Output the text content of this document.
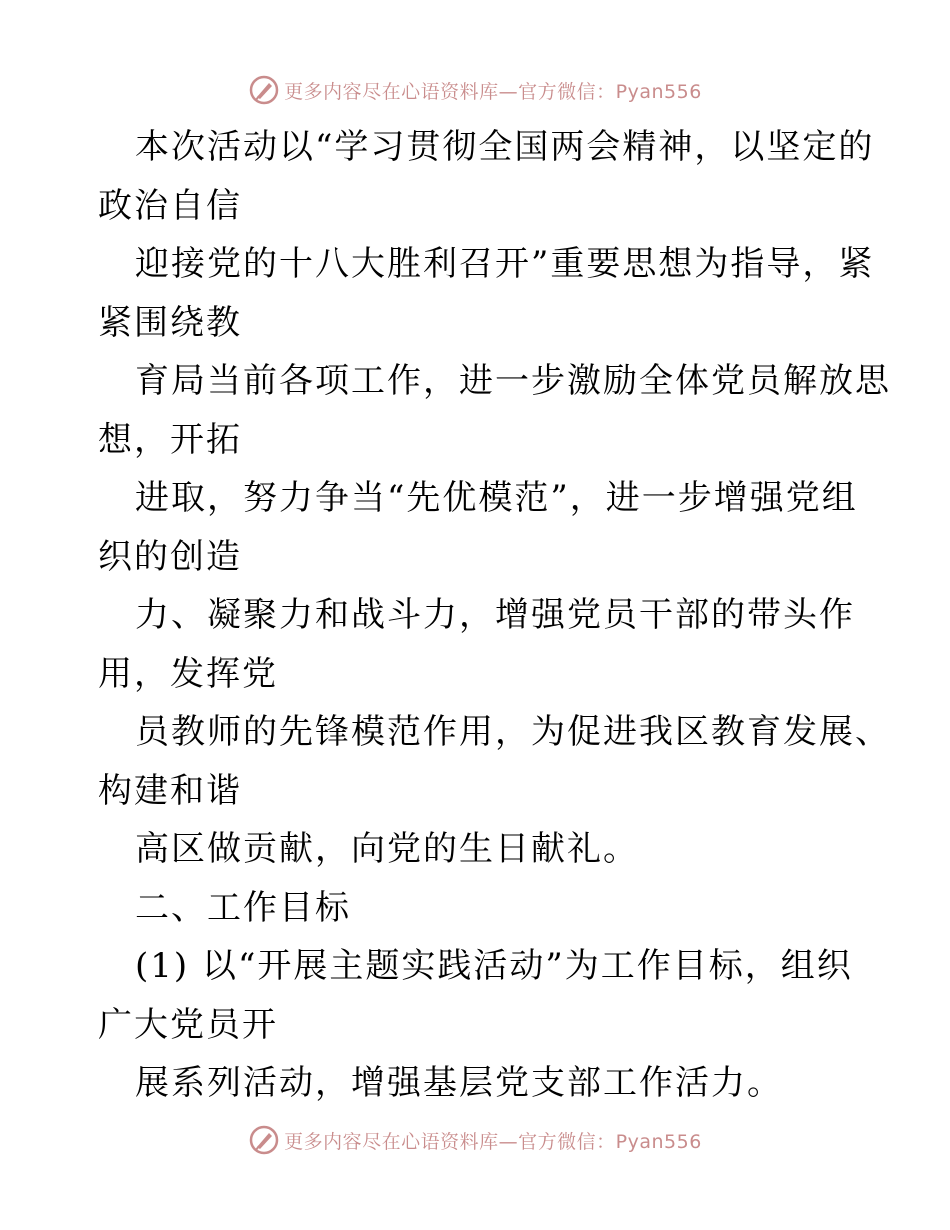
更多内容尽在心语资料库—官方微信：Pyan556
本次活动以“学习贯彻全国两会精神，以坚定的
政治自信
迎接党的十八大胜利召开”重要思想为指导，紧
紧围绕教
育局当前各项工作，进一步激励全体党员解放思
想，开拓
进取，努力争当“先优模范”，进一步增强党组
织的创造
力、凝聚力和战斗力，增强党员干部的带头作
用，发挥党
员教师的先锋模范作用，为促进我区教育发展、
构建和谐
高区做贡献，向党的生日献礼。
二、工作目标
(1) 以“开展主题实践活动”为工作目标，组织
广大党员开
展系列活动，增强基层党支部工作活力。
更多内容尽在心语资料库—官方微信：Pyan556
